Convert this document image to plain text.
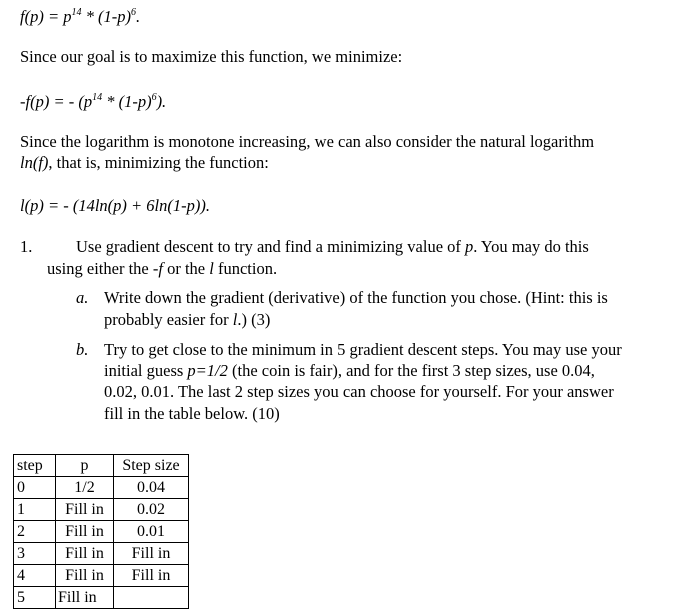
$f(p) = p^{14} * (1-p)^6$.
Since our goal is to maximize this function, we minimize:
-f(p) = - $(p^{14} * (1-p)^6)$.
Since the logarithm is monotone increasing, we can also consider the natural logarithm
ln(f), that is, minimizing the function:
l(p) = - (14ln(p) + 6ln(1-p)).
1.	Use gradient descent to try and find a minimizing value of p. You may do this
using either the -f or the l function.
a. Write down the gradient (derivative) of the function you chose. (Hint: this is
probably easier for l.) (3)
b. Try to get close to the minimum in 5 gradient descent steps. You may use your
initial guess p=1/2 (the coin is fair), and for the first 3 step sizes, use 0.04,
0.02, 0.01. The last 2 step sizes you can choose for yourself. For your answer
fill in the table below. (10)
step	p	Step size
0	1/2	0.04
1	Fill in	0.02
2	Fill in	0.01
3	Fill in	Fill in
4	Fill in	Fill in
5	Fill in	
